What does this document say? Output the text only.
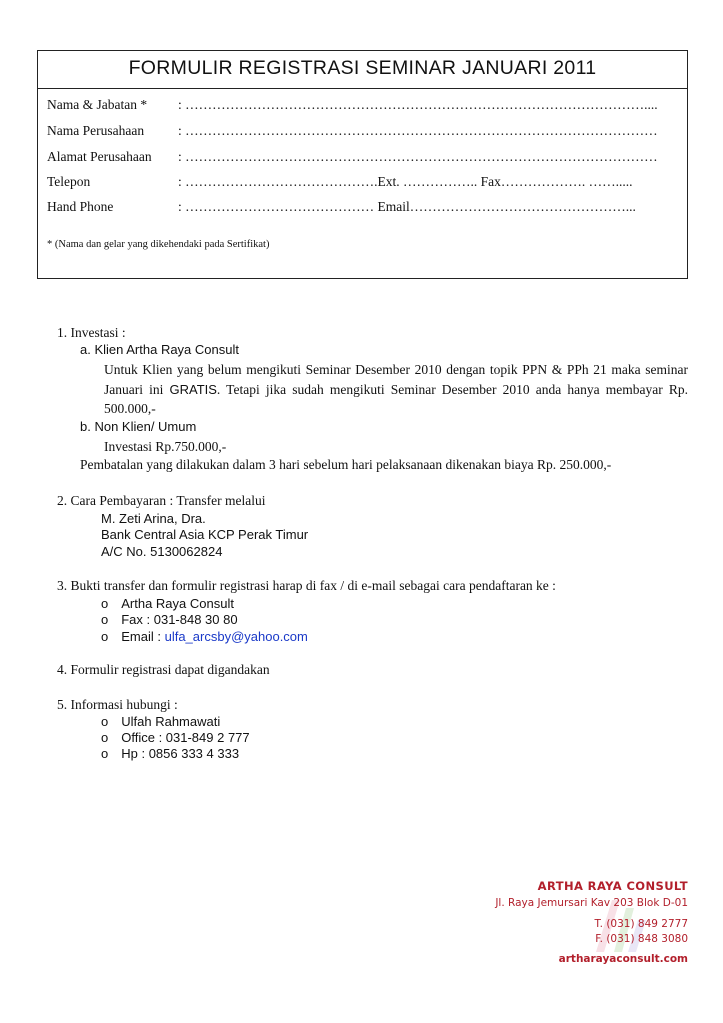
FORMULIR REGISTRASI SEMINAR JANUARI 2011
Nama & Jabatan * : …………………………………………………………………………………………....
Nama Perusahaan	: ……………………………………………………………………………………………
Alamat Perusahaan : ……………………………………………………………………………………………
Telepon	: …………………………………….Ext. …………….. Fax………………. …….....
Hand Phone	: …………………………………… Email…………………………………………...
* (Nama dan gelar yang dikehendaki pada Sertifikat)
1. Investasi :
a. Klien Artha Raya Consult
Untuk Klien yang belum mengikuti Seminar Desember 2010 dengan topik PPN & PPh 21 maka seminar Januari ini GRATIS. Tetapi jika sudah mengikuti Seminar Desember 2010 anda hanya membayar Rp. 500.000,-
b. Non Klien/ Umum
Investasi Rp.750.000,-
Pembatalan yang dilakukan dalam 3 hari sebelum hari pelaksanaan dikenakan biaya Rp. 250.000,-
2. Cara Pembayaran : Transfer melalui
M. Zeti Arina, Dra.
Bank Central Asia KCP Perak Timur
A/C No. 5130062824
3. Bukti transfer dan formulir registrasi harap di fax / di e-mail sebagai cara pendaftaran ke :
o Artha Raya Consult
o Fax : 031-848 30 80
o Email : ulfa_arcsby@yahoo.com
4. Formulir registrasi dapat digandakan
5. Informasi hubungi :
o Ulfah Rahmawati
o Office : 031-849 2 777
o Hp : 0856 333 4 333
ARTHA RAYA CONSULT
Jl. Raya Jemursari Kav 203 Blok D-01
T. (031) 849 2777
F. (031) 848 3080
artharayaconsult.com
